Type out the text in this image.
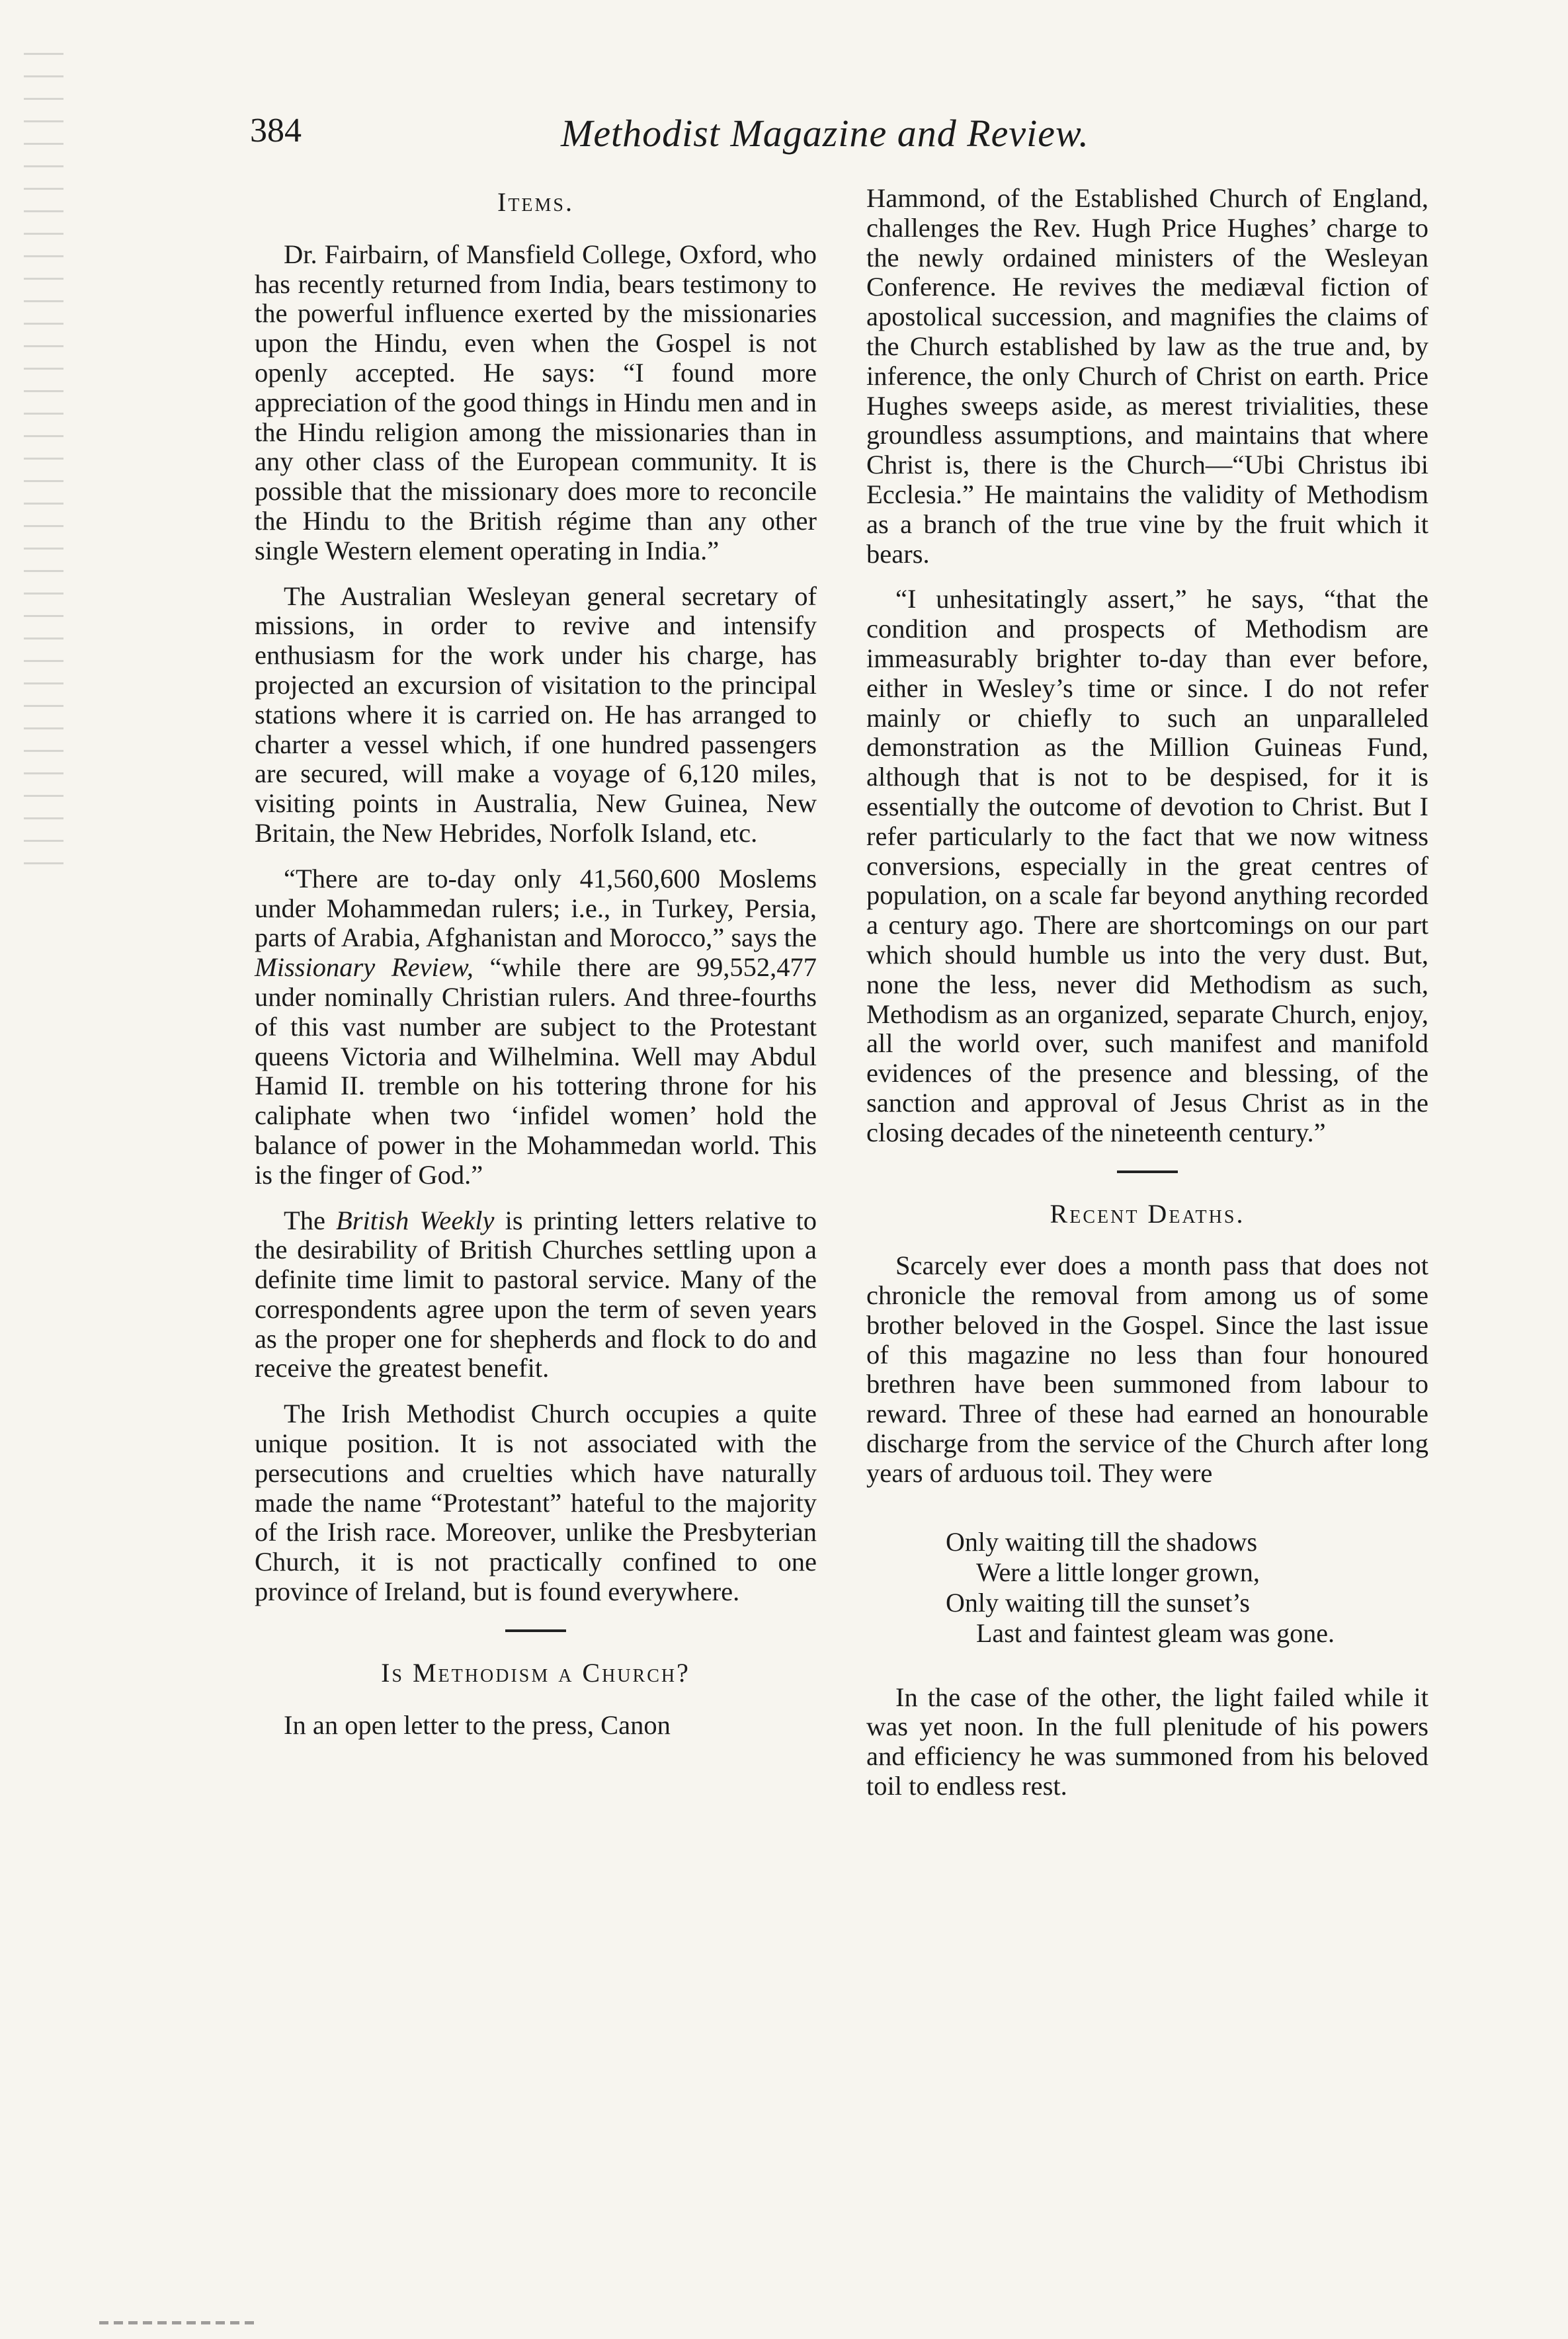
384	Methodist Magazine and Review.
Items.

Dr. Fairbairn, of Mansfield College, Oxford, who has recently returned from India, bears testimony to the powerful influence exerted by the missionaries upon the Hindu, even when the Gospel is not openly accepted. He says: “I found more appreciation of the good things in Hindu men and in the Hindu religion among the missionaries than in any other class of the European community. It is possible that the missionary does more to reconcile the Hindu to the British régime than any other single Western element operating in India.”

The Australian Wesleyan general secretary of missions, in order to revive and intensify enthusiasm for the work under his charge, has projected an excursion of visitation to the principal stations where it is carried on. He has arranged to charter a vessel which, if one hundred passengers are secured, will make a voyage of 6,120 miles, visiting points in Australia, New Guinea, New Britain, the New Hebrides, Norfolk Island, etc.

“There are to-day only 41,560,600 Moslems under Mohammedan rulers; i.e., in Turkey, Persia, parts of Arabia, Afghanistan and Morocco,” says the Missionary Review, “while there are 99,552,477 under nominally Christian rulers. And three-fourths of this vast number are subject to the Protestant queens Victoria and Wilhelmina. Well may Abdul Hamid II. tremble on his tottering throne for his caliphate when two ‘infidel women’ hold the balance of power in the Mohammedan world. This is the finger of God.”

The British Weekly is printing letters relative to the desirability of British Churches settling upon a definite time limit to pastoral service. Many of the correspondents agree upon the term of seven years as the proper one for shepherds and flock to do and receive the greatest benefit.

The Irish Methodist Church occupies a quite unique position. It is not associated with the persecutions and cruelties which have naturally made the name “Protestant” hateful to the majority of the Irish race. Moreover, unlike the Presbyterian Church, it is not practically confined to one province of Ireland, but is found everywhere.

Is Methodism a Church?

In an open letter to the press, Canon

Hammond, of the Established Church of England, challenges the Rev. Hugh Price Hughes’ charge to the newly ordained ministers of the Wesleyan Conference. He revives the mediæval fiction of apostolical succession, and magnifies the claims of the Church established by law as the true and, by inference, the only Church of Christ on earth. Price Hughes sweeps aside, as merest trivialities, these groundless assumptions, and maintains that where Christ is, there is the Church—“Ubi Christus ibi Ecclesia.” He maintains the validity of Methodism as a branch of the true vine by the fruit which it bears.

“I unhesitatingly assert,” he says, “that the condition and prospects of Methodism are immeasurably brighter to-day than ever before, either in Wesley’s time or since. I do not refer mainly or chiefly to such an unparalleled demonstration as the Million Guineas Fund, although that is not to be despised, for it is essentially the outcome of devotion to Christ. But I refer particularly to the fact that we now witness conversions, especially in the great centres of population, on a scale far beyond anything recorded a century ago. There are shortcomings on our part which should humble us into the very dust. But, none the less, never did Methodism as such, Methodism as an organized, separate Church, enjoy, all the world over, such manifest and manifold evidences of the presence and blessing, of the sanction and approval of Jesus Christ as in the closing decades of the nineteenth century.”

Recent Deaths.

Scarcely ever does a month pass that does not chronicle the removal from among us of some brother beloved in the Gospel. Since the last issue of this magazine no less than four honoured brethren have been summoned from labour to reward. Three of these had earned an honourable discharge from the service of the Church after long years of arduous toil. They were

Only waiting till the shadows
Were a little longer grown,
Only waiting till the sunset’s
Last and faintest gleam was gone.

In the case of the other, the light failed while it was yet noon. In the full plenitude of his powers and efficiency he was summoned from his beloved toil to endless rest.
